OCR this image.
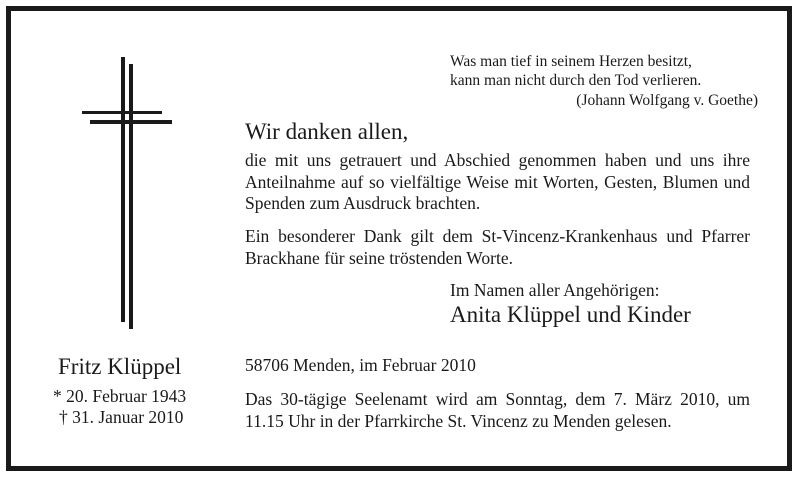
Was man tief in seinem Herzen besitzt,
kann man nicht durch den Tod verlieren.
(Johann Wolfgang v. Goethe)
Wir danken allen,
die mit uns getrauert und Abschied genommen haben und uns ihre Anteilnahme auf so vielfältige Weise mit Worten, Gesten, Blumen und Spenden zum Ausdruck brachten.
Ein besonderer Dank gilt dem St-Vincenz-Krankenhaus und Pfarrer Brackhane für seine tröstenden Worte.
Im Namen aller Angehörigen:
Anita Klüppel und Kinder
Fritz Klüppel
* 20. Februar 1943
† 31. Januar 2010
58706 Menden, im Februar 2010
Das 30-tägige Seelenamt wird am Sonntag, dem 7. März 2010, um 11.15 Uhr in der Pfarrkirche St. Vincenz zu Menden gelesen.
